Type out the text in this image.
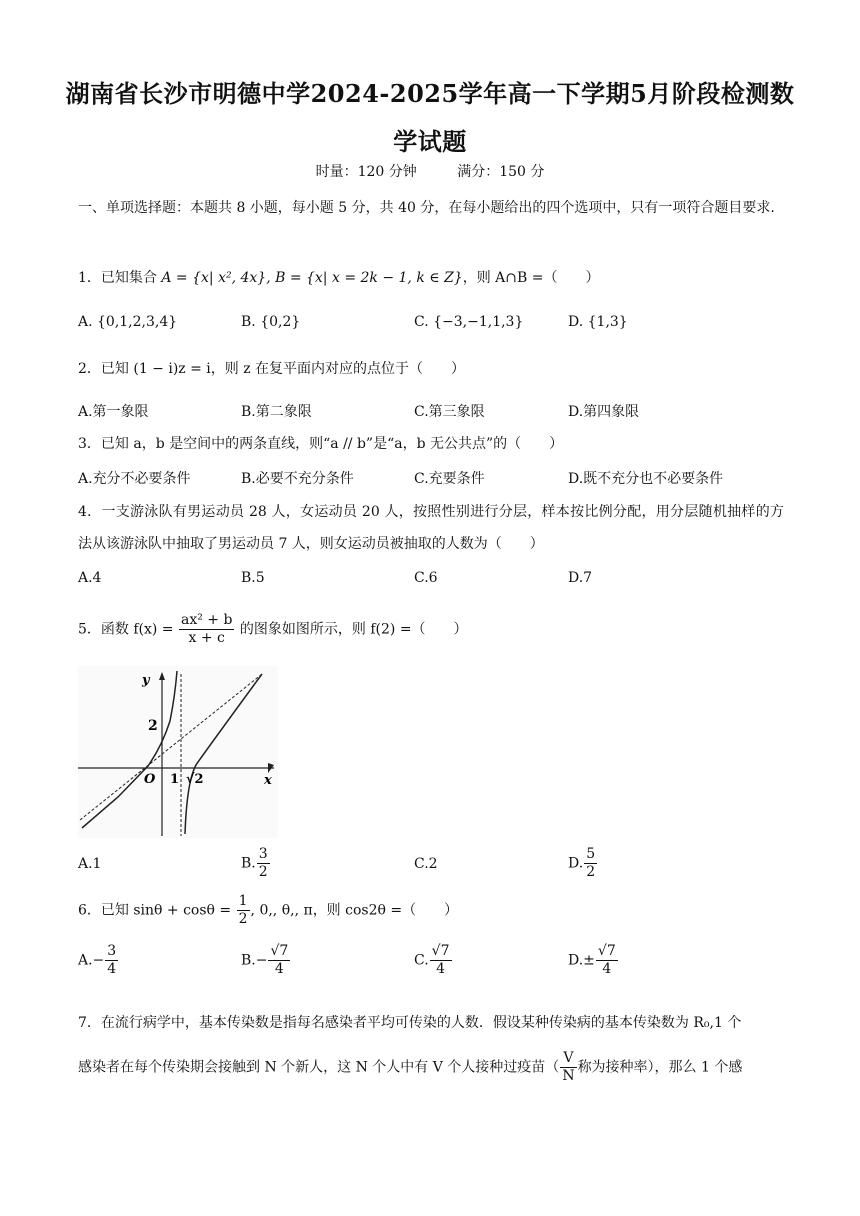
湖南省长沙市明德中学2024-2025学年高一下学期5月阶段检测数学试题
时量：120 分钟	满分：150 分
一、单项选择题：本题共 8 小题，每小题 5 分，共 40 分，在每小题给出的四个选项中，只有一项符合题目要求.
1．已知集合 A = {x| x², 4x}, B = {x| x = 2k − 1, k ∈ Z}，则 A∩B =（　　）
A. {0,1,2,3,4}	B. {0,2}	C. {−3,−1,1,3}	D. {1,3}
2．已知 (1 − i)z = i，则 z 在复平面内对应的点位于（　　）
A.第一象限	B.第二象限	C.第三象限	D.第四象限
3．已知 a，b 是空间中的两条直线，则“a // b”是“a，b 无公共点”的（　　）
A.充分不必要条件	B.必要不充分条件	C.充要条件	D.既不充分也不必要条件
4．一支游泳队有男运动员 28 人，女运动员 20 人，按照性别进行分层，样本按比例分配，用分层随机抽样的方法从该游泳队中抽取了男运动员 7 人，则女运动员被抽取的人数为（　　）
A.4	B.5	C.6	D.7
5．函数 $f(x) = \frac{\text{ax² + b}}{x + c}$ 的图象如图所示，则 f(2) =（　　）
y
x
2
O 1 √2
A.1	B. $\frac{3}{2}$	C.2	D. $\frac{5}{2}$
6．已知 $\sin\theta + \cos\theta = \frac{1}{2}$ , 0,, θ,, π，则 cos2θ =（　　）
$A.- \frac{3}{4}$	$B.- \frac{√7}{4}$	C. $\frac{√7}{4}$	$D.\pm \frac{√7}{4}$
7．在流行病学中，基本传染数是指每名感染者平均可传染的人数．假设某种传染病的基本传染数为 R₀,1 个
感染者在每个传染期会接触到 N 个新人，这 N 个人中有 V 个人接种过疫苗（ $\frac{V}{N}$ 称为接种率），那么 1 个感
